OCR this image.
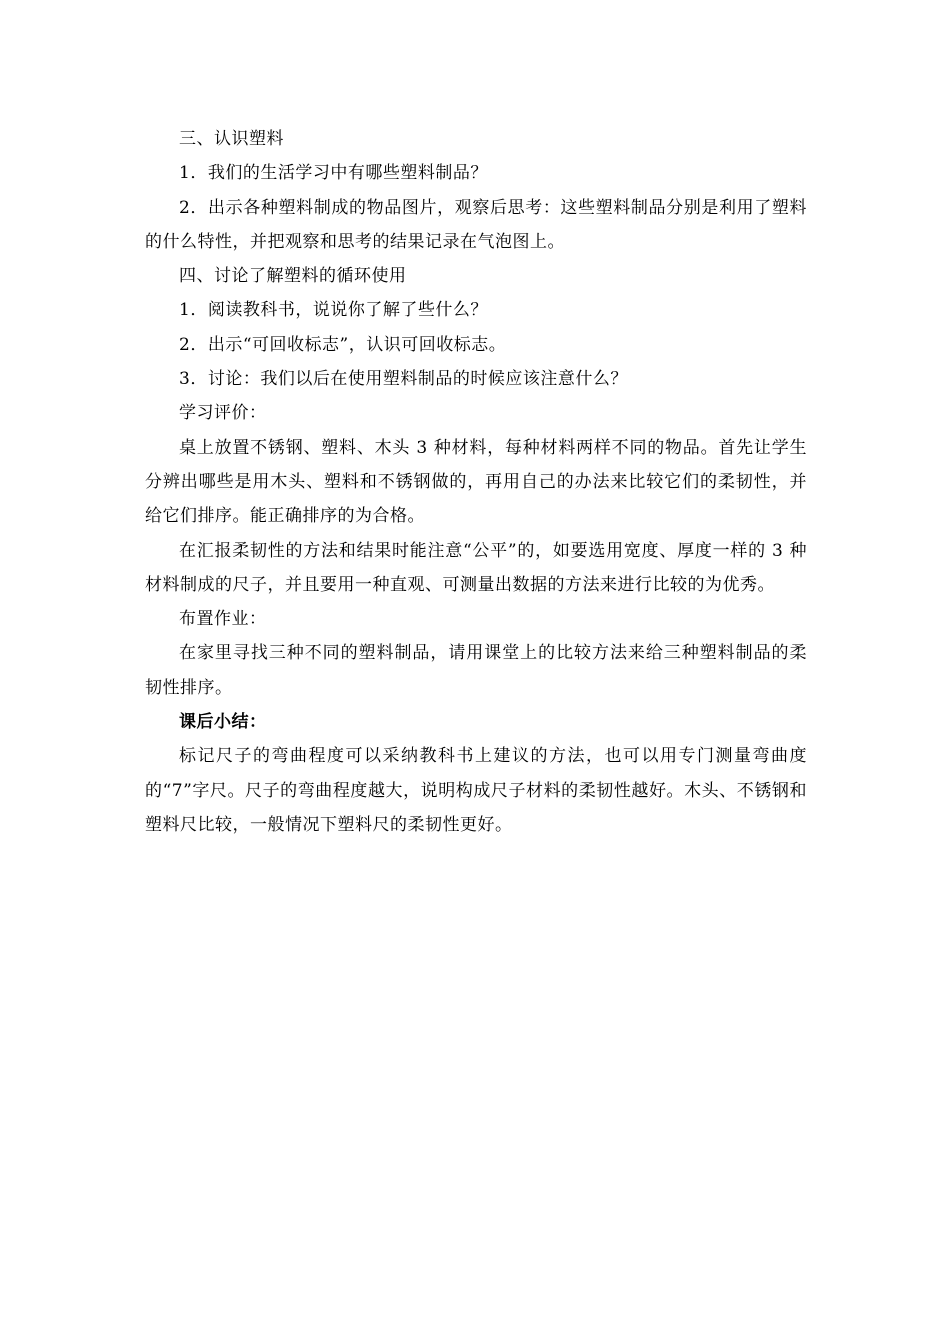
三、认识塑料

1．我们的生活学习中有哪些塑料制品？

2．出示各种塑料制成的物品图片，观察后思考：这些塑料制品分别是利用了塑料的什么特性，并把观察和思考的结果记录在气泡图上。

四、讨论了解塑料的循环使用

1．阅读教科书，说说你了解了些什么？

2．出示“可回收标志”，认识可回收标志。

3．讨论：我们以后在使用塑料制品的时候应该注意什么？

学习评价：

桌上放置不锈钢、塑料、木头 3 种材料，每种材料两样不同的物品。首先让学生分辨出哪些是用木头、塑料和不锈钢做的，再用自己的办法来比较它们的柔韧性，并给它们排序。能正确排序的为合格。

在汇报柔韧性的方法和结果时能注意“公平”的，如要选用宽度、厚度一样的 3 种材料制成的尺子，并且要用一种直观、可测量出数据的方法来进行比较的为优秀。

布置作业：

在家里寻找三种不同的塑料制品，请用课堂上的比较方法来给三种塑料制品的柔韧性排序。

课后小结：

标记尺子的弯曲程度可以采纳教科书上建议的方法，也可以用专门测量弯曲度的“7”字尺。尺子的弯曲程度越大，说明构成尺子材料的柔韧性越好。木头、不锈钢和塑料尺比较，一般情况下塑料尺的柔韧性更好。
